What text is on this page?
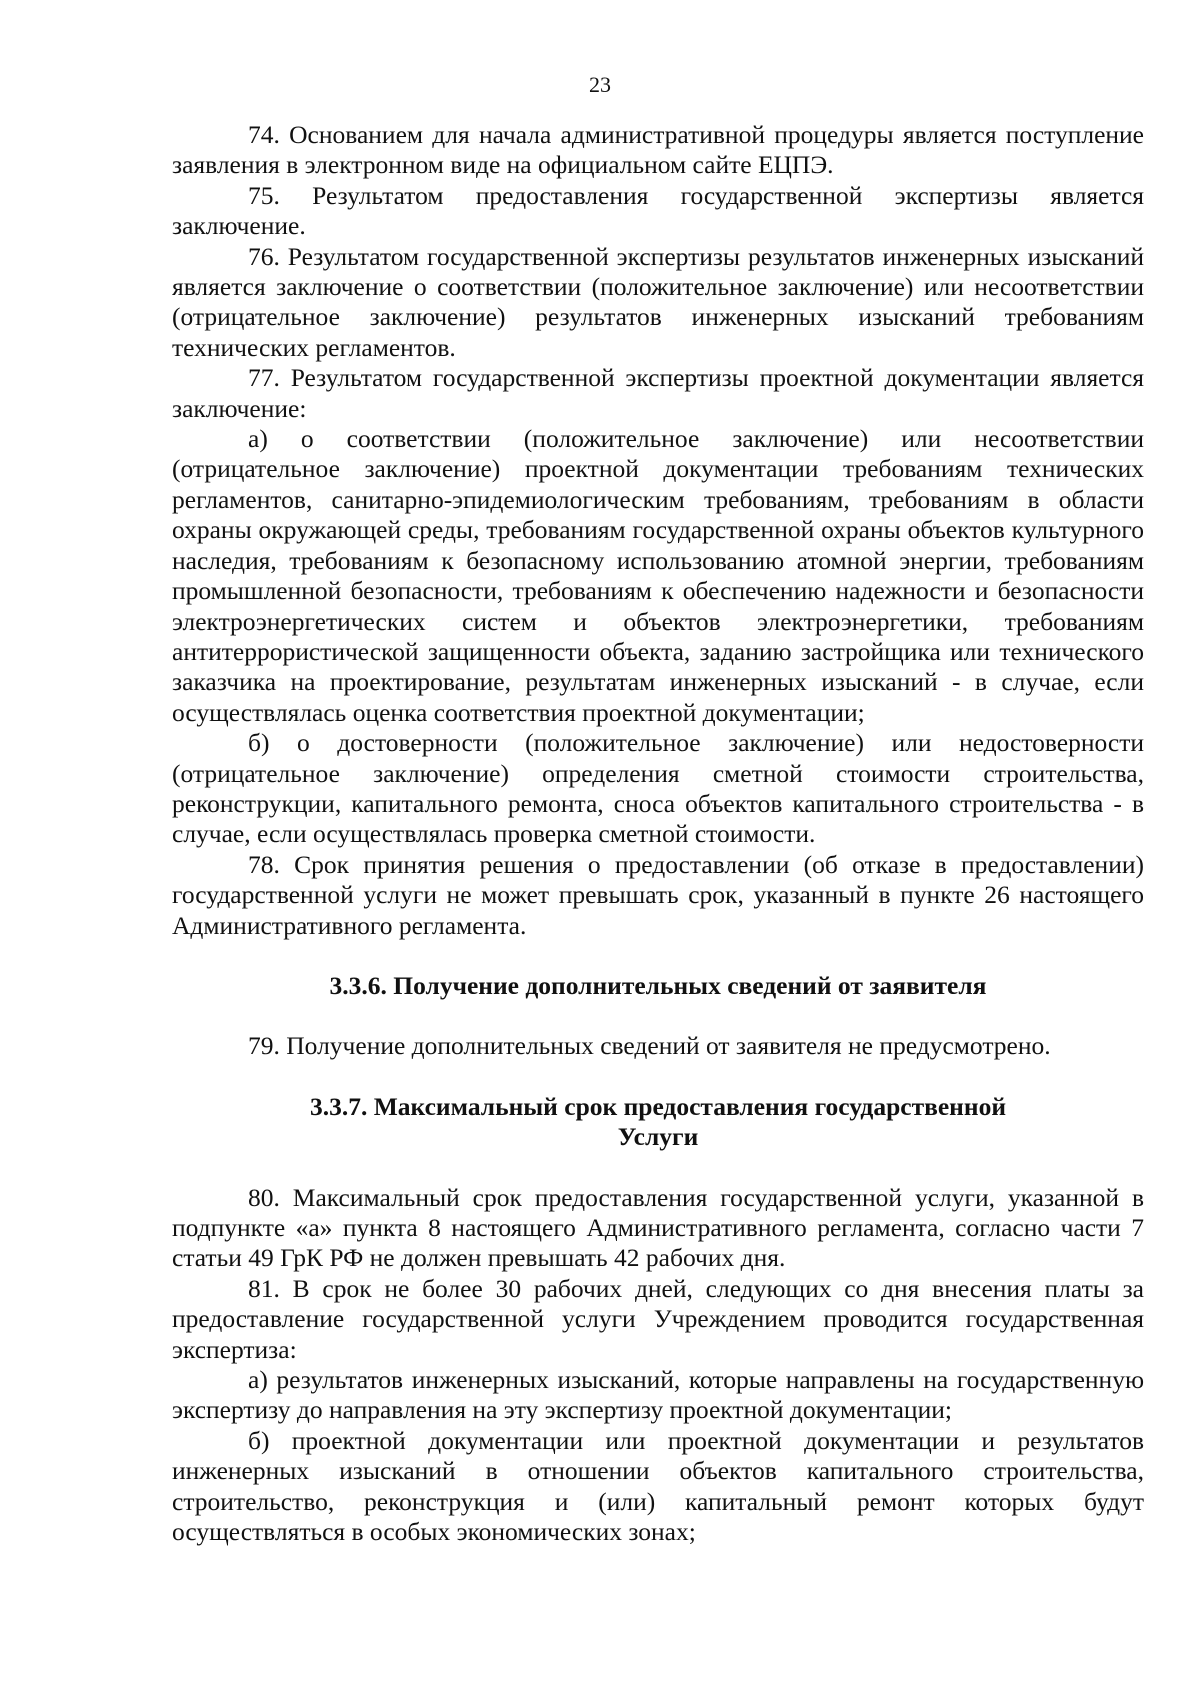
23

74. Основанием для начала административной процедуры является поступление заявления в электронном виде на официальном сайте ЕЦПЭ.

75. Результатом предоставления государственной экспертизы является заключение.

76. Результатом государственной экспертизы результатов инженерных изысканий является заключение о соответствии (положительное заключение) или несоответствии (отрицательное заключение) результатов инженерных изысканий требованиям технических регламентов.

77. Результатом государственной экспертизы проектной документации является заключение:

а) о соответствии (положительное заключение) или несоответствии (отрицательное заключение) проектной документации требованиям технических регламентов, санитарно-эпидемиологическим требованиям, требованиям в области охраны окружающей среды, требованиям государственной охраны объектов культурного наследия, требованиям к безопасному использованию атомной энергии, требованиям промышленной безопасности, требованиям к обеспечению надежности и безопасности электроэнергетических систем и объектов электроэнергетики, требованиям антитеррористической защищенности объекта, заданию застройщика или технического заказчика на проектирование, результатам инженерных изысканий - в случае, если осуществлялась оценка соответствия проектной документации;

б) о достоверности (положительное заключение) или недостоверности (отрицательное заключение) определения сметной стоимости строительства, реконструкции, капитального ремонта, сноса объектов капитального строительства - в случае, если осуществлялась проверка сметной стоимости.

78. Срок принятия решения о предоставлении (об отказе в предоставлении) государственной услуги не может превышать срок, указанный в пункте 26 настоящего Административного регламента.

3.3.6. Получение дополнительных сведений от заявителя

79. Получение дополнительных сведений от заявителя не предусмотрено.

3.3.7. Максимальный срок предоставления государственной
Услуги

80. Максимальный срок предоставления государственной услуги, указанной в подпункте «а» пункта 8 настоящего Административного регламента, согласно части 7 статьи 49 ГрК РФ не должен превышать 42 рабочих дня.

81. В срок не более 30 рабочих дней, следующих со дня внесения платы за предоставление государственной услуги Учреждением проводится государственная экспертиза:

а) результатов инженерных изысканий, которые направлены на государственную экспертизу до направления на эту экспертизу проектной документации;

б) проектной документации или проектной документации и результатов инженерных изысканий в отношении объектов капитального строительства, строительство, реконструкция и (или) капитальный ремонт которых будут осуществляться в особых экономических зонах;
